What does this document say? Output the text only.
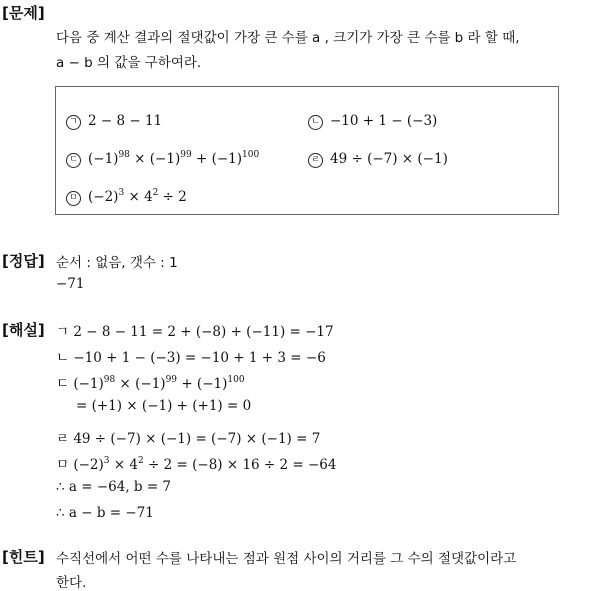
[문제]
다음 중 계산 결과의 절댓값이 가장 큰 수를 a , 크기가 가장 큰 수를 b 라 할 때,
a − b 의 값을 구하여라.
ㄱ 2 − 8 − 11	ㄴ −10 + 1 − (−3)
ㄷ $(-1)^{98} \times (-1)^{99} + (-1)^{100}$	ㄹ 49 ÷ (−7) × (−1)
ㅁ $(-2)^3 \times 4^2 \div 2$
[정답] 순서 : 없음, 갯수 : 1
−71
[해설] ㄱ 2 − 8 − 11 = 2 + (−8) + (−11) = −17
ㄴ −10 + 1 − (−3) = −10 + 1 + 3 = −6
ㄷ $(-1)^{98} \times (-1)^{99} + (-1)^{100}$
= (+1) × (−1) + (+1) = 0
ㄹ 49 ÷ (−7) × (−1) = (−7) × (−1) = 7
ㅁ $(-2)^3 \times 4^2 \div 2 = (-8) \times 16 \div 2 = -64$
∴ a = −64, b = 7
∴ a − b = −71
[힌트] 수직선에서 어떤 수를 나타내는 점과 원점 사이의 거리를 그 수의 절댓값이라고
한다.
